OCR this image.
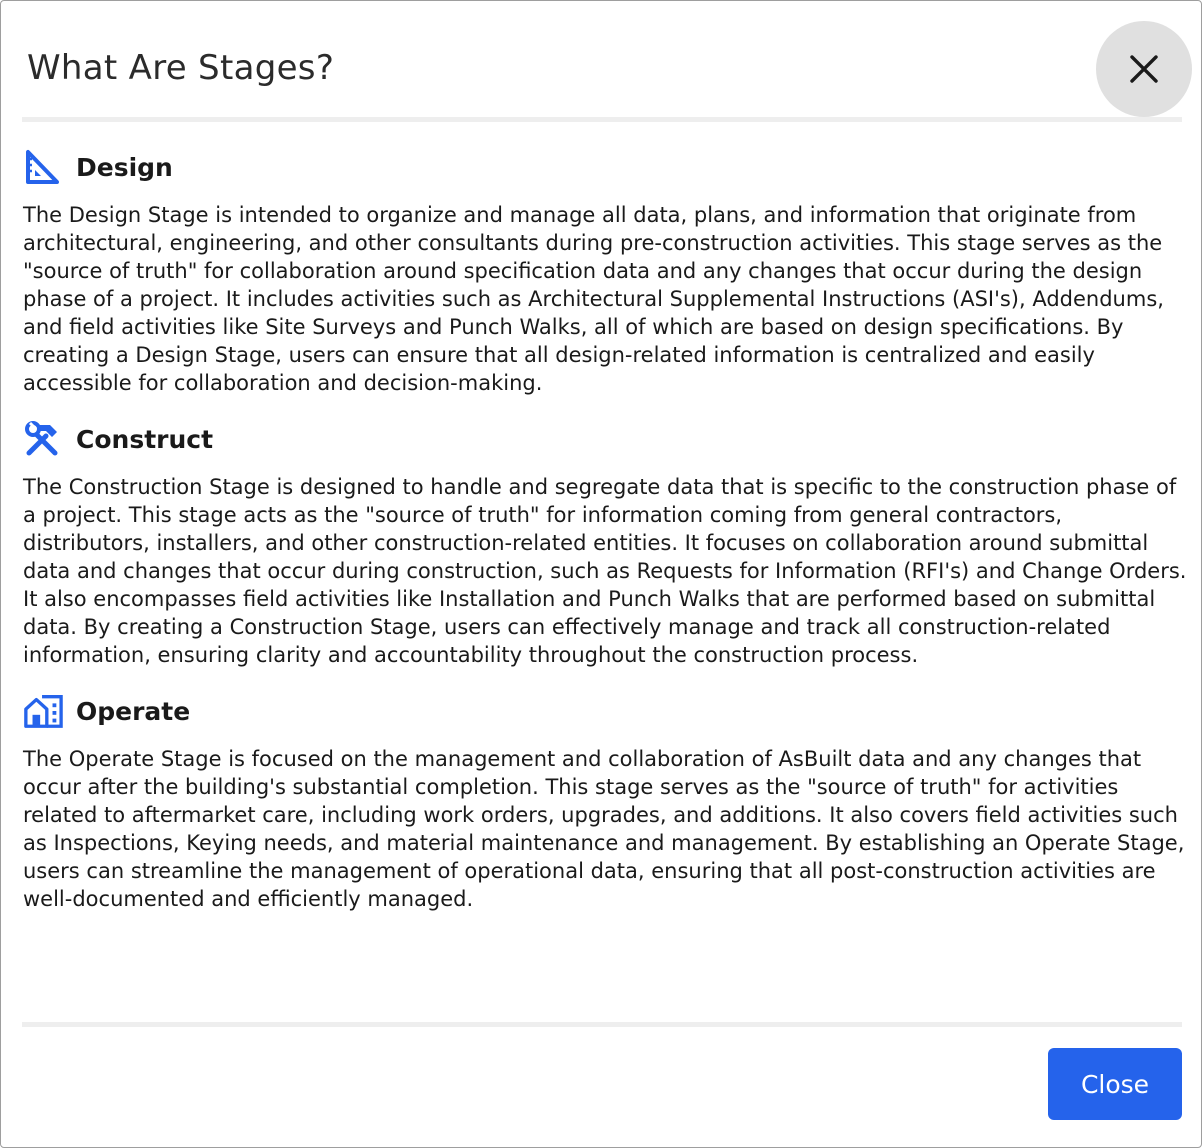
What Are Stages?
Design

The Design Stage is intended to organize and manage all data, plans, and information that originate from architectural, engineering, and other consultants during pre-construction activities. This stage serves as the "source of truth" for collaboration around specification data and any changes that occur during the design phase of a project. It includes activities such as Architectural Supplemental Instructions (ASI's), Addendums, and field activities like Site Surveys and Punch Walks, all of which are based on design specifications. By creating a Design Stage, users can ensure that all design-related information is centralized and easily accessible for collaboration and decision-making.

Construct

The Construction Stage is designed to handle and segregate data that is specific to the construction phase of a project. This stage acts as the "source of truth" for information coming from general contractors, distributors, installers, and other construction-related entities. It focuses on collaboration around submittal data and changes that occur during construction, such as Requests for Information (RFI's) and Change Orders. It also encompasses field activities like Installation and Punch Walks that are performed based on submittal data. By creating a Construction Stage, users can effectively manage and track all construction-related information, ensuring clarity and accountability throughout the construction process.

Operate

The Operate Stage is focused on the management and collaboration of AsBuilt data and any changes that occur after the building's substantial completion. This stage serves as the "source of truth" for activities related to aftermarket care, including work orders, upgrades, and additions. It also covers field activities such as Inspections, Keying needs, and material maintenance and management. By establishing an Operate Stage, users can streamline the management of operational data, ensuring that all post-construction activities are well-documented and efficiently managed.

Close
